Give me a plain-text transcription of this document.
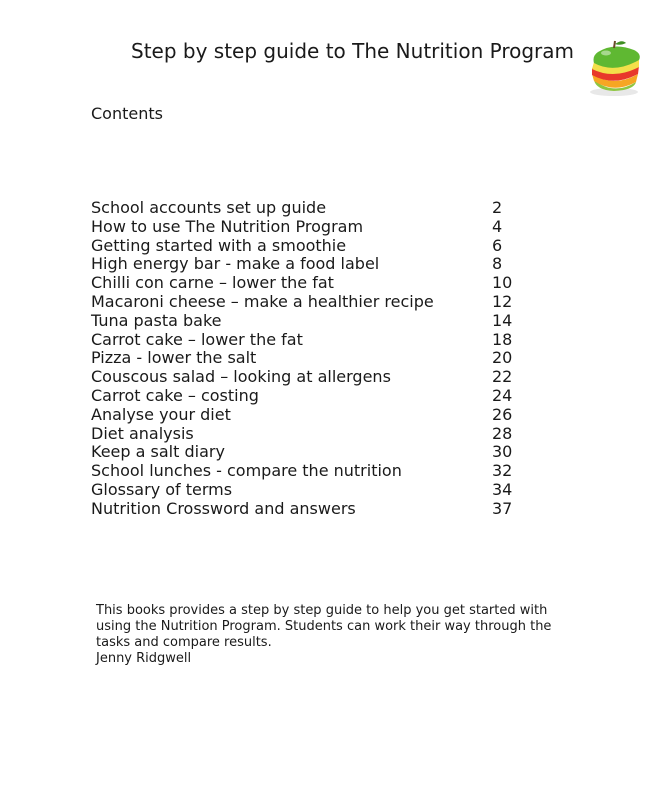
Step by step guide to The Nutrition Program
Contents
School accounts set up guide	2
How to use The Nutrition Program	4
Getting started with a smoothie	6
High energy bar - make a food label	8
Chilli con carne – lower the fat	10
Macaroni cheese – make a healthier recipe	12
Tuna pasta bake	14
Carrot cake – lower the fat	18
Pizza - lower the salt	20
Couscous salad – looking at allergens	22
Carrot cake – costing	24
Analyse your diet	26
Diet analysis	28
Keep a salt diary	30
School lunches - compare the nutrition	32
Glossary of terms	34
Nutrition Crossword and answers	37

This books provides a step by step guide to help you get started with using the Nutrition Program. Students can work their way through the tasks and compare results.

Jenny Ridgwell
